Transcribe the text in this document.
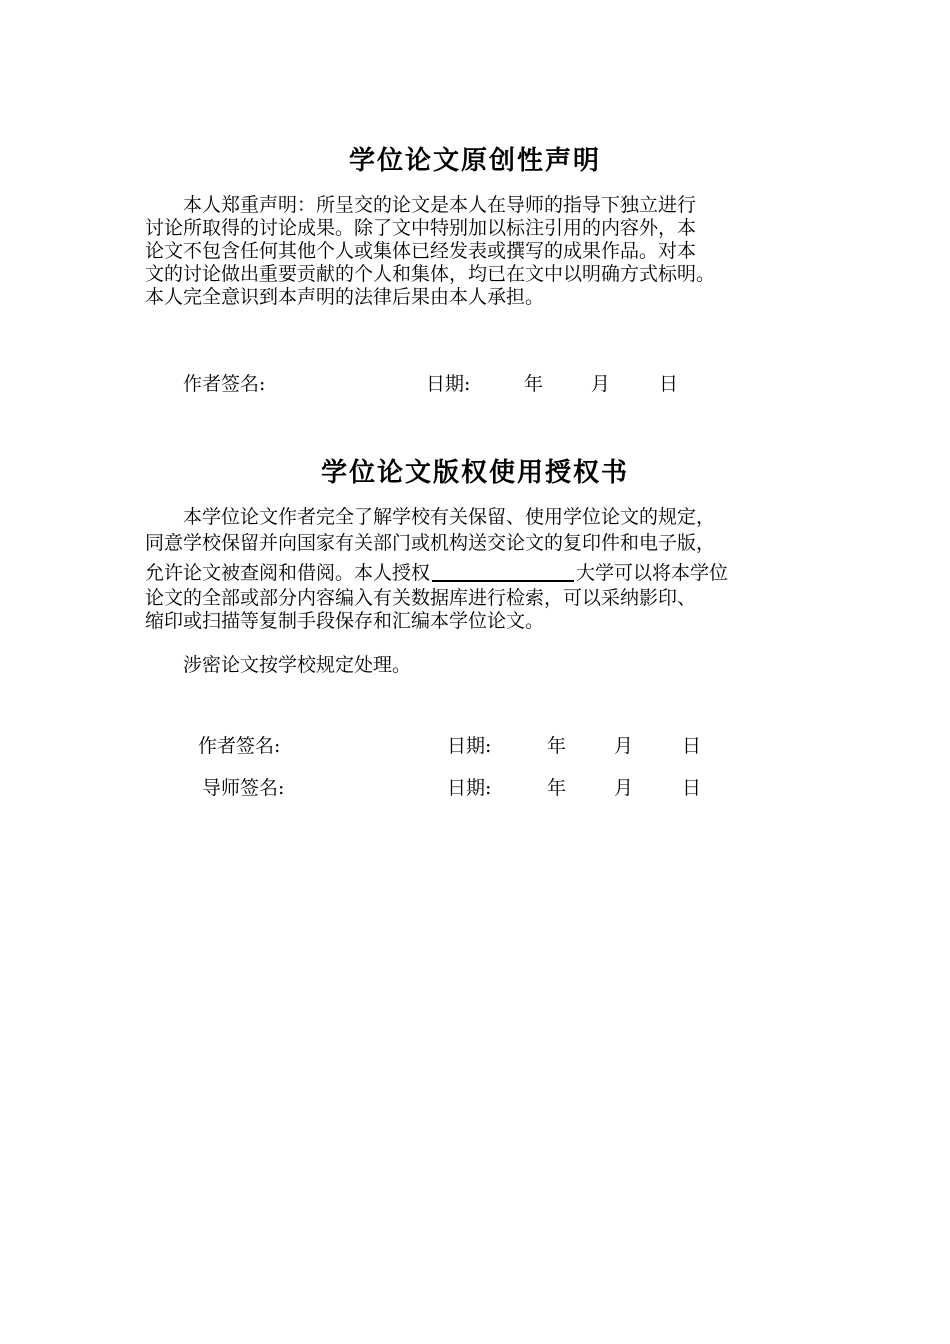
学位论文原创性声明
本人郑重声明：所呈交的论文是本人在导师的指导下独立进行
讨论所取得的讨论成果。除了文中特别加以标注引用的内容外，本
论文不包含任何其他个人或集体已经发表或撰写的成果作品。对本
文的讨论做出重要贡献的个人和集体，均已在文中以明确方式标明。
本人完全意识到本声明的法律后果由本人承担。
作者签名:	日期:	年	月	日
学位论文版权使用授权书
本学位论文作者完全了解学校有关保留、使用学位论文的规定，
同意学校保留并向国家有关部门或机构送交论文的复印件和电子版，
允许论文被查阅和借阅。本人授权	大学可以将本学位
论文的全部或部分内容编入有关数据库进行检索，可以采纳影印、
缩印或扫描等复制手段保存和汇编本学位论文。
涉密论文按学校规定处理。
作者签名:	日期:	年	月	日
导师签名:	日期:	年	月	日
